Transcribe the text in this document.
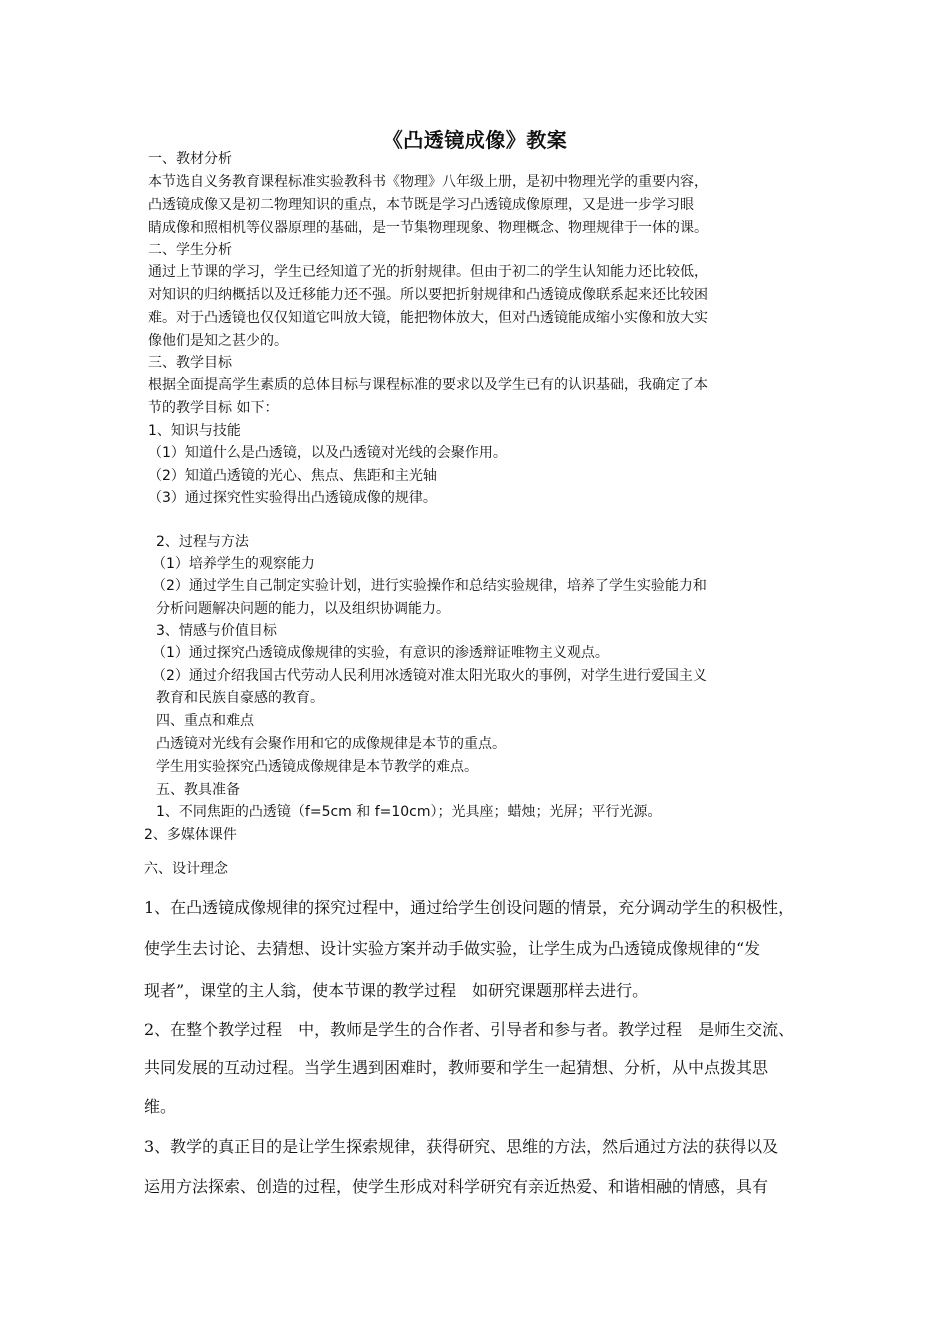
《凸透镜成像》教案
一、教材分析
本节选自义务教育课程标准实验教科书《物理》八年级上册，是初中物理光学的重要内容，
凸透镜成像又是初二物理知识的重点，本节既是学习凸透镜成像原理，又是进一步学习眼
睛成像和照相机等仪器原理的基础，是一节集物理现象、物理概念、物理规律于一体的课。
二、学生分析
通过上节课的学习，学生已经知道了光的折射规律。但由于初二的学生认知能力还比较低，
对知识的归纳概括以及迁移能力还不强。所以要把折射规律和凸透镜成像联系起来还比较困
难。对于凸透镜也仅仅知道它叫放大镜，能把物体放大，但对凸透镜能成缩小实像和放大实
像他们是知之甚少的。
三、教学目标
根据全面提高学生素质的总体目标与课程标准的要求以及学生已有的认识基础，我确定了本
节的教学目标 如下：
1、知识与技能
（1）知道什么是凸透镜，以及凸透镜对光线的会聚作用。
（2）知道凸透镜的光心、焦点、焦距和主光轴
（3）通过探究性实验得出凸透镜成像的规律。
2、过程与方法
（1）培养学生的观察能力
（2）通过学生自己制定实验计划，进行实验操作和总结实验规律，培养了学生实验能力和
分析问题解决问题的能力，以及组织协调能力。
3、情感与价值目标
（1）通过探究凸透镜成像规律的实验，有意识的渗透辩证唯物主义观点。
（2）通过介绍我国古代劳动人民利用冰透镜对准太阳光取火的事例，对学生进行爱国主义
教育和民族自豪感的教育。
四、重点和难点
凸透镜对光线有会聚作用和它的成像规律是本节的重点。
学生用实验探究凸透镜成像规律是本节教学的难点。
五、教具准备
1、不同焦距的凸透镜（f=5cm 和 f=10cm）；光具座；蜡烛；光屏；平行光源。
2、多媒体课件
六、设计理念
1、在凸透镜成像规律的探究过程中，通过给学生创设问题的情景，充分调动学生的积极性，
使学生去讨论、去猜想、设计实验方案并动手做实验，让学生成为凸透镜成像规律的“发
现者”，课堂的主人翁，使本节课的教学过程　如研究课题那样去进行。
2、在整个教学过程　中，教师是学生的合作者、引导者和参与者。教学过程　是师生交流、
共同发展的互动过程。当学生遇到困难时，教师要和学生一起猜想、分析，从中点拨其思
维。
3、教学的真正目的是让学生探索规律，获得研究、思维的方法，然后通过方法的获得以及
运用方法探索、创造的过程，使学生形成对科学研究有亲近热爱、和谐相融的情感，具有
